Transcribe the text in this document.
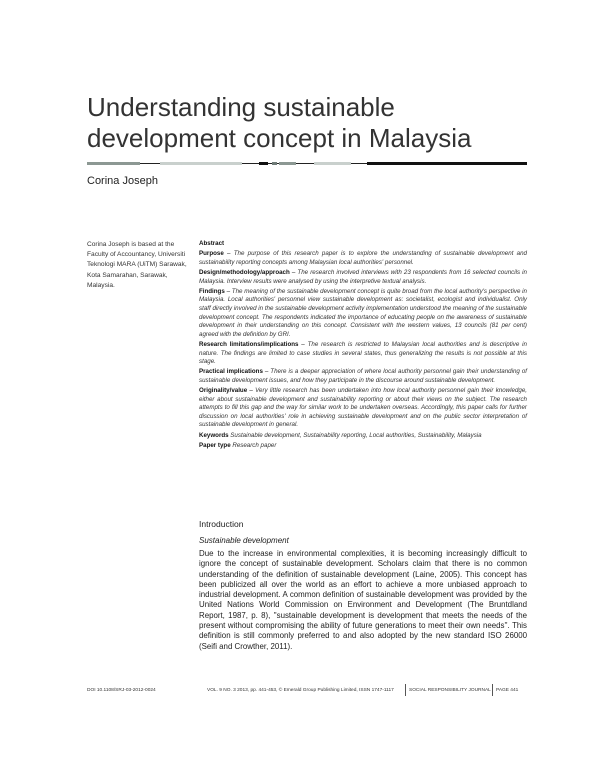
Understanding sustainable development concept in Malaysia
Corina Joseph
Corina Joseph is based at the Faculty of Accountancy, Universiti Teknologi MARA (UiTM) Sarawak, Kota Samarahan, Sarawak, Malaysia.

Abstract

Purpose – The purpose of this research paper is to explore the understanding of sustainable development and sustainability reporting concepts among Malaysian local authorities' personnel.

Design/methodology/approach – The research involved interviews with 23 respondents from 16 selected councils in Malaysia. Interview results were analysed by using the interpretive textual analysis.

Findings – The meaning of the sustainable development concept is quite broad from the local authority's perspective in Malaysia. Local authorities' personnel view sustainable development as: societalist, ecologist and individualist. Only staff directly involved in the sustainable development activity implementation understood the meaning of the sustainable development concept. The respondents indicated the importance of educating people on the awareness of sustainable development in their understanding on this concept. Consistent with the western values, 13 councils (81 per cent) agreed with the definition by GRI.

Research limitations/implications – The research is restricted to Malaysian local authorities and is descriptive in nature. The findings are limited to case studies in several states, thus generalizing the results is not possible at this stage.

Practical implications – There is a deeper appreciation of where local authority personnel gain their understanding of sustainable development issues, and how they participate in the discourse around sustainable development.

Originality/value – Very little research has been undertaken into how local authority personnel gain their knowledge, either about sustainable development and sustainability reporting or about their views on the subject. The research attempts to fill this gap and the way for similar work to be undertaken overseas. Accordingly, this paper calls for further discussion on local authorities' role in achieving sustainable development and on the public sector interpretation of sustainable development in general.

Keywords Sustainable development, Sustainability reporting, Local authorities, Sustainability, Malaysia

Paper type Research paper

Introduction
Sustainable development

Due to the increase in environmental complexities, it is becoming increasingly difficult to ignore the concept of sustainable development. Scholars claim that there is no common understanding of the definition of sustainable development (Laine, 2005). This concept has been publicized all over the world as an effort to achieve a more unbiased approach to industrial development. A common definition of sustainable development was provided by the United Nations World Commission on Environment and Development (The Bruntdland Report, 1987, p. 8), ''sustainable development is development that meets the needs of the present without compromising the ability of future generations to meet their own needs''. This definition is still commonly preferred to and also adopted by the new standard ISO 26000 (Seifi and Crowther, 2011).

DOI 10.1108/SRJ-03-2012-0024	VOL. 9 NO. 3 2013, pp. 441-453, © Emerald Group Publishing Limited, ISSN 1747-1117	SOCIAL RESPONSIBILITY JOURNAL PAGE 441
